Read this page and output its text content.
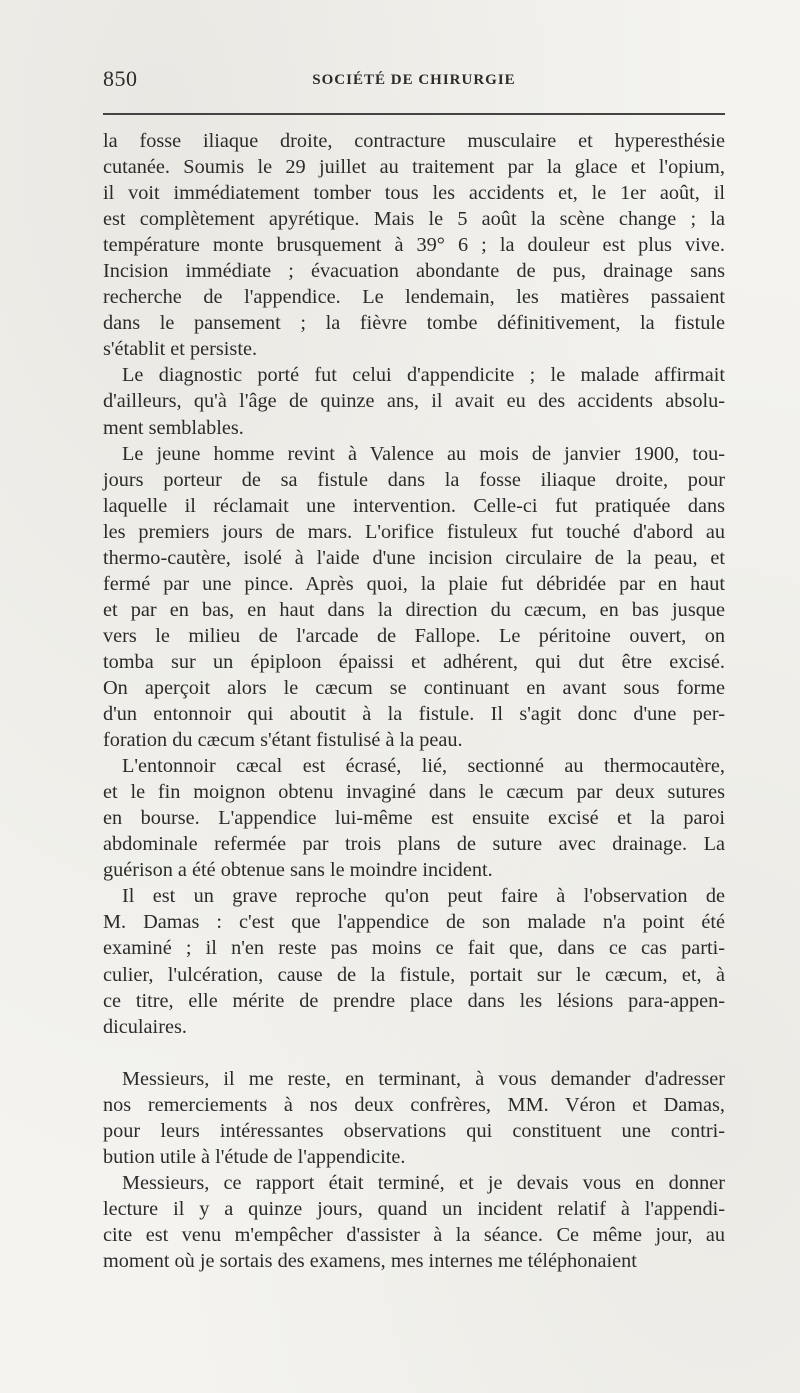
850	SOCIÉTÉ DE CHIRURGIE

la fosse iliaque droite, contracture musculaire et hyperesthésie
cutanée. Soumis le 29 juillet au traitement par la glace et l'opium,
il voit immédiatement tomber tous les accidents et, le 1er août, il
est complètement apyrétique. Mais le 5 août la scène change ; la
température monte brusquement à 39° 6 ; la douleur est plus vive.
Incision immédiate ; évacuation abondante de pus, drainage sans
recherche de l'appendice. Le lendemain, les matières passaient
dans le pansement ; la fièvre tombe définitivement, la fistule
s'établit et persiste.

Le diagnostic porté fut celui d'appendicite ; le malade affirmait
d'ailleurs, qu'à l'âge de quinze ans, il avait eu des accidents absolu-
ment semblables.

Le jeune homme revint à Valence au mois de janvier 1900, tou-
jours porteur de sa fistule dans la fosse iliaque droite, pour
laquelle il réclamait une intervention. Celle-ci fut pratiquée dans
les premiers jours de mars. L'orifice fistuleux fut touché d'abord au
thermo-cautère, isolé à l'aide d'une incision circulaire de la peau, et
fermé par une pince. Après quoi, la plaie fut débridée par en haut
et par en bas, en haut dans la direction du cæcum, en bas jusque
vers le milieu de l'arcade de Fallope. Le péritoine ouvert, on
tomba sur un épiploon épaissi et adhérent, qui dut être excisé.
On aperçoit alors le cæcum se continuant en avant sous forme
d'un entonnoir qui aboutit à la fistule. Il s'agit donc d'une per-
foration du cæcum s'étant fistulisé à la peau.

L'entonnoir cæcal est écrasé, lié, sectionné au thermocautère,
et le fin moignon obtenu invaginé dans le cæcum par deux sutures
en bourse. L'appendice lui-même est ensuite excisé et la paroi
abdominale refermée par trois plans de suture avec drainage. La
guérison a été obtenue sans le moindre incident.

Il est un grave reproche qu'on peut faire à l'observation de
M. Damas : c'est que l'appendice de son malade n'a point été
examiné ; il n'en reste pas moins ce fait que, dans ce cas parti-
culier, l'ulcération, cause de la fistule, portait sur le cæcum, et, à
ce titre, elle mérite de prendre place dans les lésions para-appen-
diculaires.

Messieurs, il me reste, en terminant, à vous demander d'adresser
nos remerciements à nos deux confrères, MM. Véron et Damas,
pour leurs intéressantes observations qui constituent une contri-
bution utile à l'étude de l'appendicite.

Messieurs, ce rapport était terminé, et je devais vous en donner
lecture il y a quinze jours, quand un incident relatif à l'appendi-
cite est venu m'empêcher d'assister à la séance. Ce même jour, au
moment où je sortais des examens, mes internes me téléphonaient
